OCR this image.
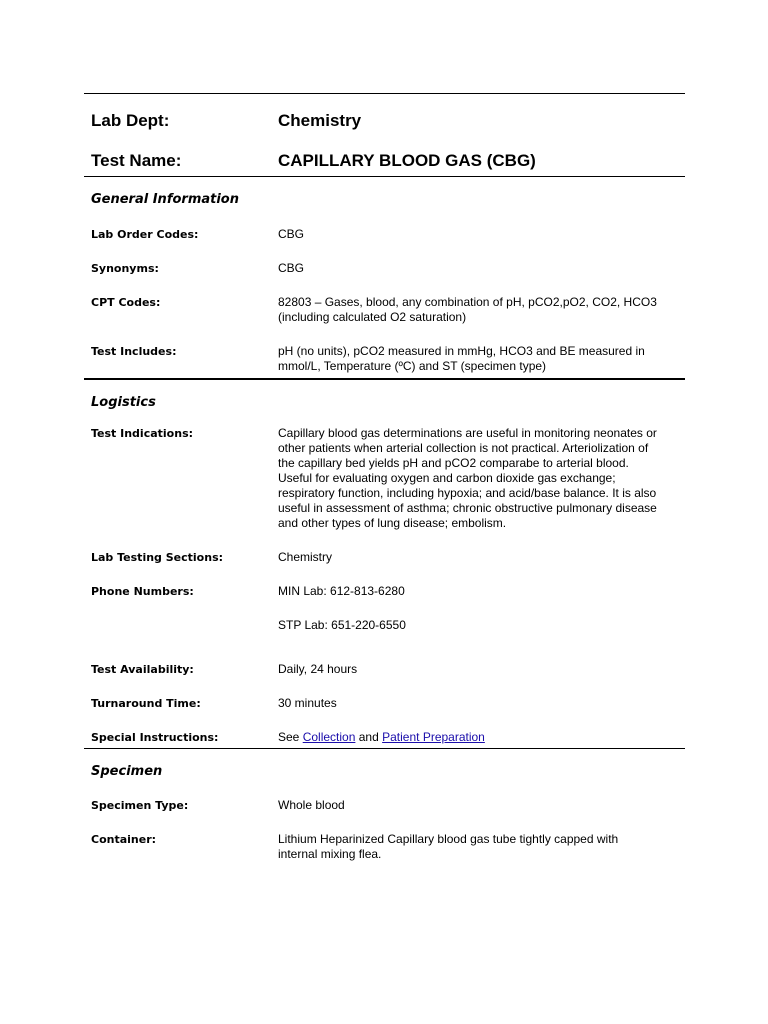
Lab Dept:	Chemistry
Test Name:	CAPILLARY BLOOD GAS (CBG)
General Information
Lab Order Codes:	CBG
Synonyms:	CBG
CPT Codes:	82803 – Gases, blood, any combination of pH, pCO2,pO2, CO2, HCO3
(including calculated O2 saturation)
Test Includes:	pH (no units), pCO2 measured in mmHg, HCO3 and BE measured in
mmol/L, Temperature (ºC) and ST (specimen type)
Logistics
Test Indications:	Capillary blood gas determinations are useful in monitoring neonates or
other patients when arterial collection is not practical. Arteriolization of
the capillary bed yields pH and pCO2 comparabe to arterial blood.
Useful for evaluating oxygen and carbon dioxide gas exchange;
respiratory function, including hypoxia; and acid/base balance. It is also
useful in assessment of asthma; chronic obstructive pulmonary disease
and other types of lung disease; embolism.
Lab Testing Sections:	Chemistry
Phone Numbers:	MIN Lab: 612-813-6280
STP Lab: 651-220-6550
Test Availability:	Daily, 24 hours
Turnaround Time:	30 minutes
Special Instructions:	See Collection and Patient Preparation
Specimen
Specimen Type:	Whole blood
Container:	Lithium Heparinized Capillary blood gas tube tightly capped with
internal mixing flea.
